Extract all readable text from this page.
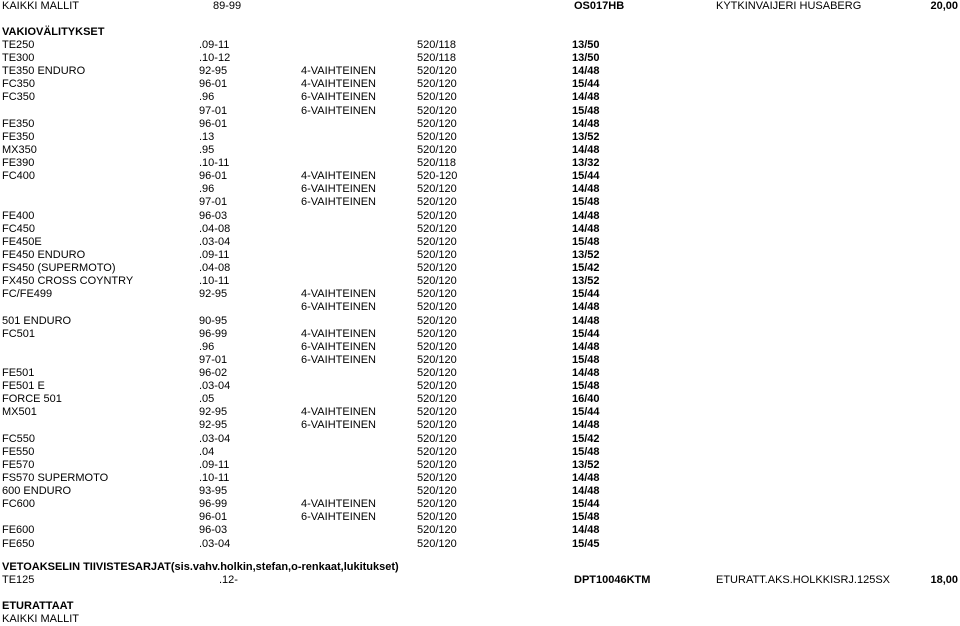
KAIKKI MALLIT	89-99	OS017HB	KYTKINVAIJERI HUSABERG	20,00
VAKIOVÄLITYKSET
TE250	.09-11	520/118	13/50
TE300	.10-12	520/118	13/50
TE350 ENDURO	92-95	4-VAIHTEINEN	520/120	14/48
FC350	96-01	4-VAIHTEINEN	520/120	15/44
FC350	.96	6-VAIHTEINEN	520/120	14/48
97-01	6-VAIHTEINEN	520/120	15/48
FE350	96-01	520/120	14/48
FE350	.13	520/120	13/52
MX350	.95	520/120	14/48
FE390	.10-11	520/118	13/32
FC400	96-01	4-VAIHTEINEN	520-120	15/44
.96	6-VAIHTEINEN	520/120	14/48
97-01	6-VAIHTEINEN	520/120	15/48
FE400	96-03	520/120	14/48
FC450	.04-08	520/120	14/48
FE450E	.03-04	520/120	15/48
FE450 ENDURO	.09-11	520/120	13/52
FS450 (SUPERMOTO)	.04-08	520/120	15/42
FX450 CROSS COYNTRY	.10-11	520/120	13/52
FC/FE499	92-95	4-VAIHTEINEN	520/120	15/44
6-VAIHTEINEN	520/120	14/48
501 ENDURO	90-95	520/120	14/48
FC501	96-99	4-VAIHTEINEN	520/120	15/44
.96	6-VAIHTEINEN	520/120	14/48
97-01	6-VAIHTEINEN	520/120	15/48
FE501	96-02	520/120	14/48
FE501 E	.03-04	520/120	15/48
FORCE 501	.05	520/120	16/40
MX501	92-95	4-VAIHTEINEN	520/120	15/44
92-95	6-VAIHTEINEN	520/120	14/48
FC550	.03-04	520/120	15/42
FE550	.04	520/120	15/48
FE570	.09-11	520/120	13/52
FS570 SUPERMOTO	.10-11	520/120	14/48
600 ENDURO	93-95	520/120	14/48
FC600	96-99	4-VAIHTEINEN	520/120	15/44
96-01	6-VAIHTEINEN	520/120	15/48
FE600	96-03	520/120	14/48
FE650	.03-04	520/120	15/45
VETOAKSELIN TIIVISTESARJAT(sis.vahv.holkin,stefan,o-renkaat,lukitukset)
TE125	.12-	DPT10046KTM	ETURATT.AKS.HOLKKISRJ.125SX	18,00
ETURATTAAT
KAIKKI MALLIT
